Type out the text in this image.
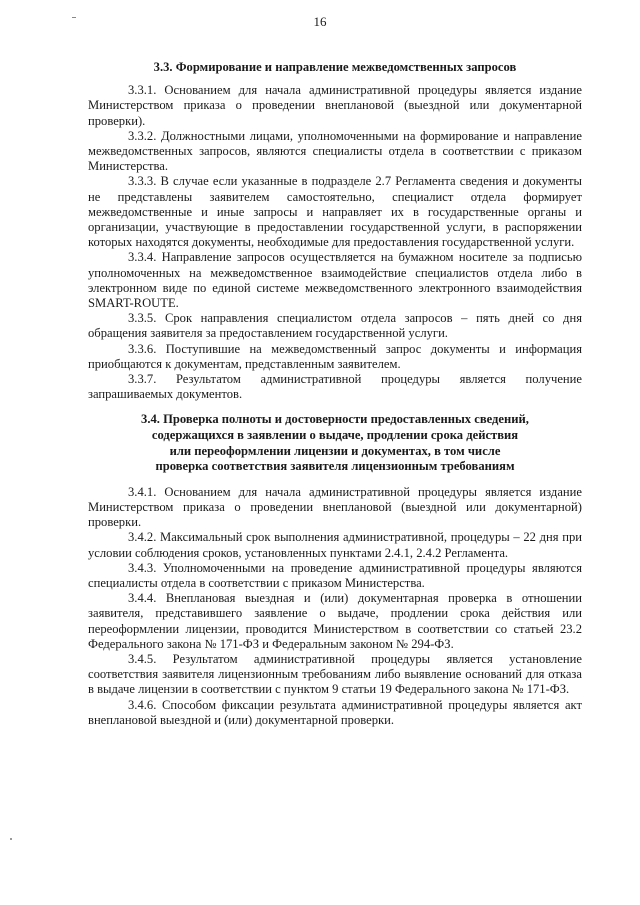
16
3.3. Формирование и направление межведомственных запросов

3.3.1. Основанием для начала административной процедуры является издание Министерством приказа о проведении внеплановой (выездной или документарной проверки).

3.3.2. Должностными лицами, уполномоченными на формирование и направление межведомственных запросов, являются специалисты отдела в соответствии с приказом Министерства.

3.3.3. В случае если указанные в подразделе 2.7 Регламента сведения и документы не представлены заявителем самостоятельно, специалист отдела формирует межведомственные и иные запросы и направляет их в государственные органы и организации, участвующие в предоставлении государственной услуги, в распоряжении которых находятся документы, необходимые для предоставления государственной услуги.

3.3.4. Направление запросов осуществляется на бумажном носителе за подписью уполномоченных на межведомственное взаимодействие специалистов отдела либо в электронном виде по единой системе межведомственного электронного взаимодействия SMART-ROUTE.

3.3.5. Срок направления специалистом отдела запросов – пять дней со дня обращения заявителя за предоставлением государственной услуги.

3.3.6. Поступившие на межведомственный запрос документы и информация приобщаются к документам, представленным заявителем.

3.3.7. Результатом административной процедуры является получение запрашиваемых документов.

3.4. Проверка полноты и достоверности предоставленных сведений,
содержащихся в заявлении о выдаче, продлении срока действия
или переоформлении лицензии и документах, в том числе
проверка соответствия заявителя лицензионным требованиям

3.4.1. Основанием для начала административной процедуры является издание Министерством приказа о проведении внеплановой (выездной или документарной) проверки.

3.4.2. Максимальный срок выполнения административной, процедуры – 22 дня при условии соблюдения сроков, установленных пунктами 2.4.1, 2.4.2 Регламента.

3.4.3. Уполномоченными на проведение административной процедуры являются специалисты отдела в соответствии с приказом Министерства.

3.4.4. Внеплановая выездная и (или) документарная проверка в отношении заявителя, представившего заявление о выдаче, продлении срока действия или переоформлении лицензии, проводится Министерством в соответствии со статьей 23.2 Федерального закона № 171-ФЗ и Федеральным законом № 294-ФЗ.

3.4.5. Результатом административной процедуры является установление соответствия заявителя лицензионным требованиям либо выявление оснований для отказа в выдаче лицензии в соответствии с пунктом 9 статьи 19 Федерального закона № 171-ФЗ.

3.4.6. Способом фиксации результата административной процедуры является акт внеплановой выездной и (или) документарной проверки.
